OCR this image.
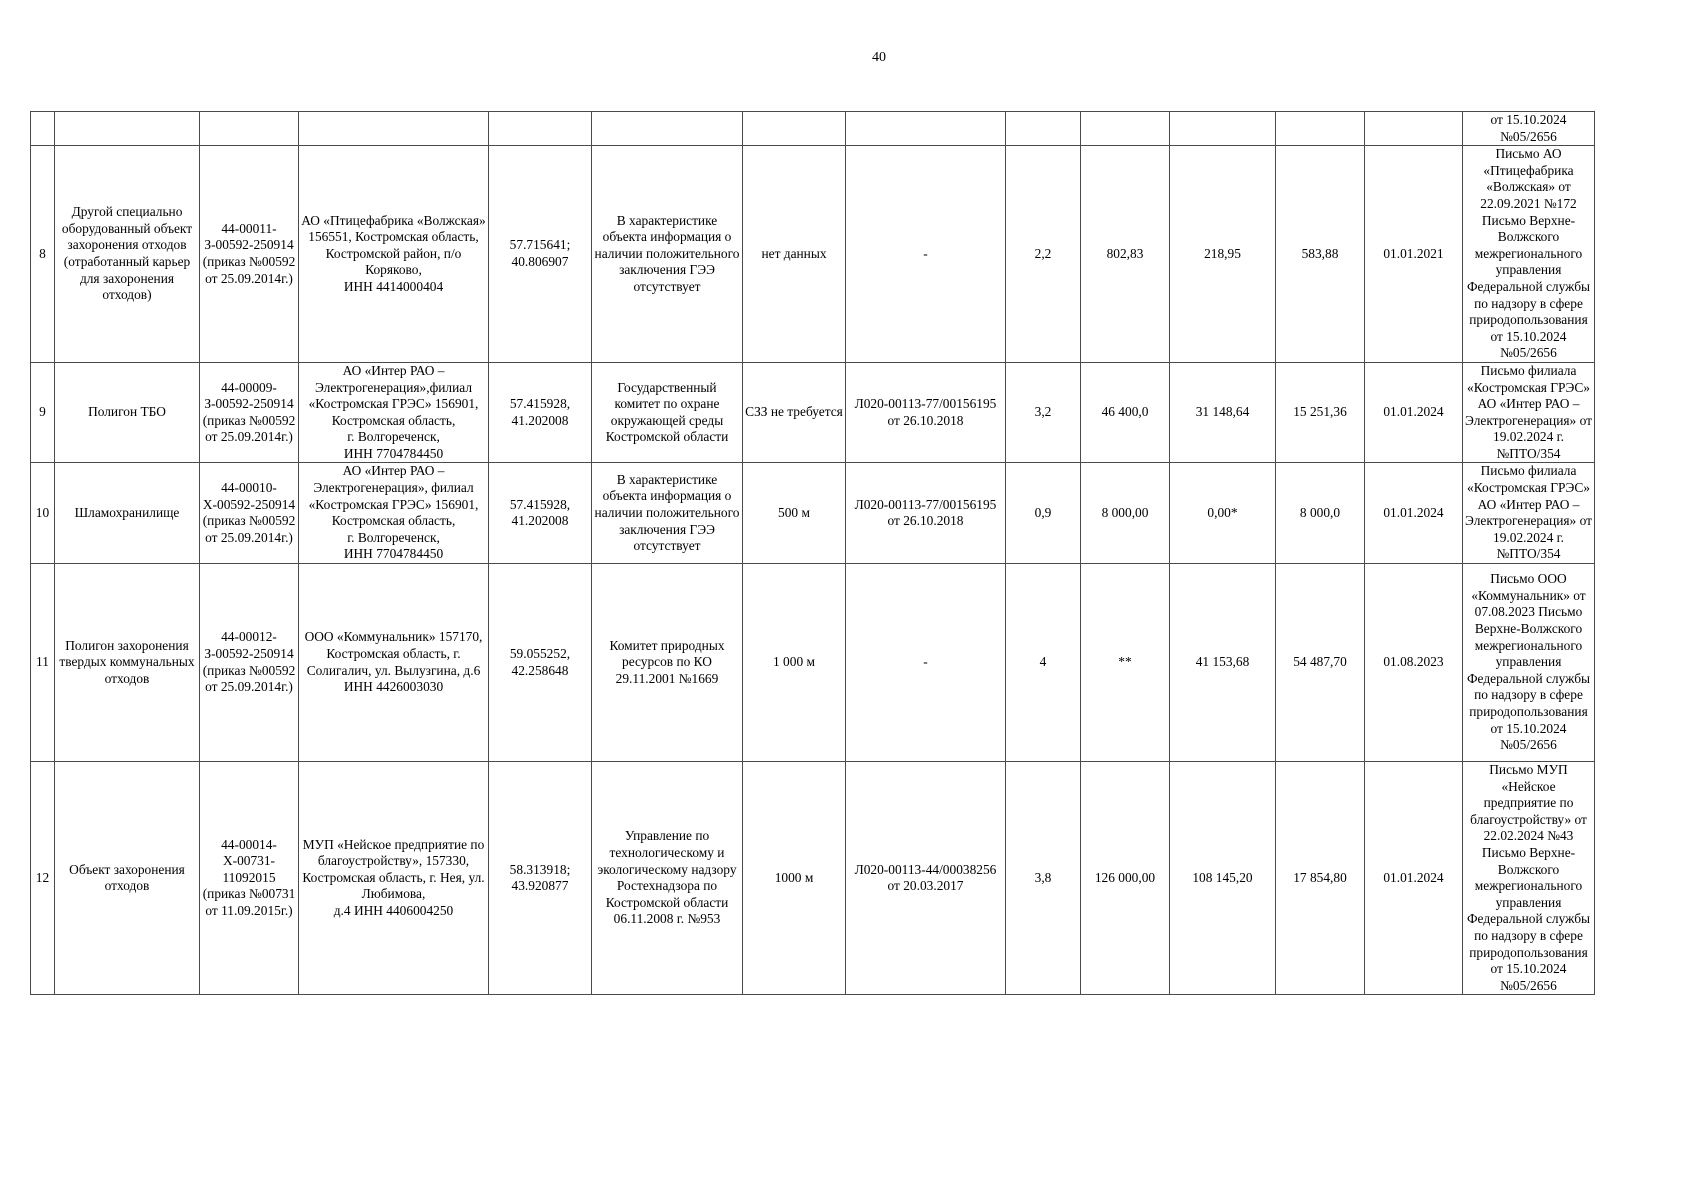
40
													от 15.10.2024
№05/2656
8	Другой специально оборудованный объект захоронения отходов (отработанный карьер для захоронения отходов)	44-00011-З-00592-250914 (приказ №00592 от 25.09.2014г.)	АО «Птицефабрика «Волжская» 156551, Костромская область, Костромской район, п/о Коряково,
ИНН 4414000404	57.715641;
40.806907	В характеристике объекта информация о наличии положительного заключения ГЭЭ отсутствует	нет данных	-	2,2	802,83	218,95	583,88	01.01.2021	Письмо АО «Птицефабрика «Волжская» от 22.09.2021 №172 Письмо Верхне-Волжского межрегионального управления Федеральной службы по надзору в сфере природопользования от 15.10.2024 №05/2656
9	Полигон ТБО	44-00009-З-00592-250914 (приказ №00592 от 25.09.2014г.)	АО «Интер РАО – Электрогенерация»,филиал «Костромская ГРЭС» 156901, Костромская область,
г. Волгореченск,
ИНН 7704784450	57.415928,
41.202008	Государственный комитет по охране окружающей среды Костромской области	СЗЗ не требуется	Л020-00113-77/00156195 от 26.10.2018	3,2	46 400,0	31 148,64	15 251,36	01.01.2024	Письмо филиала «Костромская ГРЭС» АО «Интер РАО – Электрогенерация» от 19.02.2024 г. №ПТО/354
10	Шламохранилище	44-00010-Х-00592-250914 (приказ №00592 от 25.09.2014г.)	АО «Интер РАО – Электрогенерация», филиал «Костромская ГРЭС» 156901, Костромская область,
г. Волгореченск,
ИНН 7704784450	57.415928,
41.202008	В характеристике объекта информация о наличии положительного заключения ГЭЭ отсутствует	500 м	Л020-00113-77/00156195 от 26.10.2018	0,9	8 000,00	0,00*	8 000,0	01.01.2024	Письмо филиала «Костромская ГРЭС» АО «Интер РАО – Электрогенерация» от 19.02.2024 г. №ПТО/354
11	Полигон захоронения твердых коммунальных отходов	44-00012-З-00592-250914 (приказ №00592 от 25.09.2014г.)	ООО «Коммунальник» 157170, Костромская область, г. Солигалич, ул. Вылузгина, д.6 ИНН 4426003030	59.055252,
42.258648	Комитет природных ресурсов по КО 29.11.2001 №1669	1 000 м	-	4	**	41 153,68	54 487,70	01.08.2023	Письмо ООО «Коммунальник» от 07.08.2023 Письмо Верхне-Волжского межрегионального управления Федеральной службы по надзору в сфере природопользования от 15.10.2024 №05/2656
12	Объект захоронения отходов	44-00014-Х-00731-11092015 (приказ №00731 от 11.09.2015г.)	МУП «Нейское предприятие по благоустройству», 157330, Костромская область, г. Нея, ул. Любимова,
д.4 ИНН 4406004250	58.313918;
43.920877	Управление по технологическому и экологическому надзору Ростехнадзора по Костромской области 06.11.2008 г. №953	1000 м	Л020-00113-44/00038256 от 20.03.2017	3,8	126 000,00	108 145,20	17 854,80	01.01.2024	Письмо МУП «Нейское предприятие по благоустройству» от 22.02.2024 №43 Письмо Верхне-Волжского межрегионального управления Федеральной службы по надзору в сфере природопользования от 15.10.2024 №05/2656
